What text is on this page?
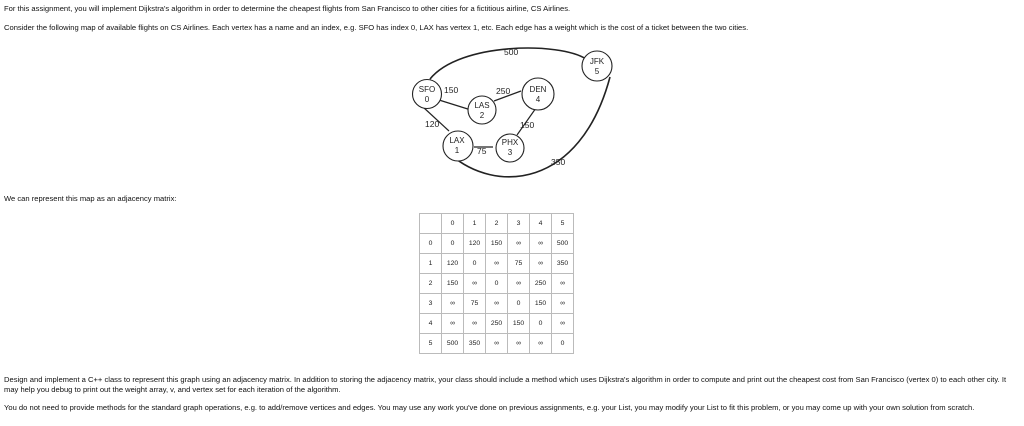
For this assignment, you will implement Dijkstra's algorithm in order to determine the cheapest flights from San Francisco to other cities for a fictitious airline, CS Airlines.

Consider the following map of available flights on CS Airlines. Each vertex has a name and an index, e.g. SFO has index 0, LAX has vertex 1, etc. Each edge has a weight which is the cost of a ticket between the two cities.

SFO
0
LAX
1
LAS
2
PHX
3
DEN
4
JFK
5
500
150
120
250
150
75
350

We can represent this map as an adjacency matrix:

	0	1	2	3	4	5
0	0	120	150	∞	∞	500
1	120	0	∞	75	∞	350
2	150	∞	0	∞	250	∞
3	∞	75	∞	0	150	∞
4	∞	∞	250	150	0	∞
5	500	350	∞	∞	∞	0

Design and implement a C++ class to represent this graph using an adjacency matrix. In addition to storing the adjacency matrix, your class should include a method which uses Dijkstra's algorithm in order to compute and print out the cheapest cost from San Francisco (vertex 0) to each other city. It may help you debug to print out the weight array, v, and vertex set for each iteration of the algorithm.

You do not need to provide methods for the standard graph operations, e.g. to add/remove vertices and edges. You may use any work you've done on previous assignments, e.g. your List, you may modify your List to fit this problem, or you may come up with your own solution from scratch.
